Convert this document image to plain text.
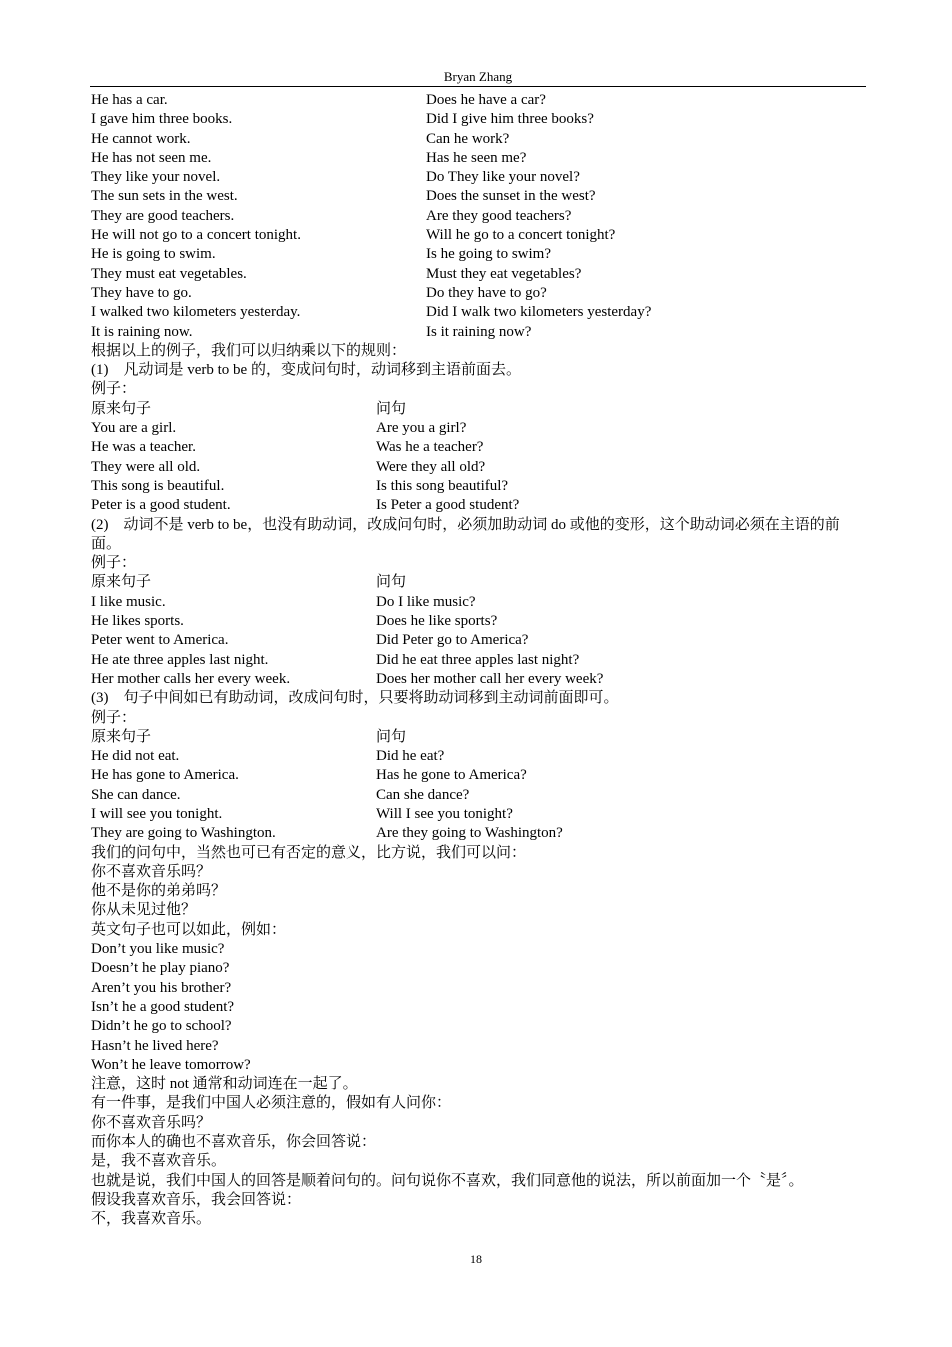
Bryan Zhang
He has a car.	Does he have a car?
I gave him three books.	Did I give him three books?
He cannot work.	Can he work?
He has not seen me.	Has he seen me?
They like your novel.	Do They like your novel?
The sun sets in the west.	Does the sunset in the west?
They are good teachers.	Are they good teachers?
He will not go to a concert tonight.	Will he go to a concert tonight?
He is going to swim.	Is he going to swim?
They must eat vegetables.	Must they eat vegetables?
They have to go.	Do they have to go?
I walked two kilometers yesterday.	Did I walk two kilometers yesterday?
It is raining now.	Is it raining now?
根据以上的例子，我们可以归纳乘以下的规则：
(1)　凡动词是 verb to be 的，变成问句时，动词移到主语前面去。
例子：
原来句子	问句
You are a girl.	Are you a girl?
He was a teacher.	Was he a teacher?
They were all old.	Were they all old?
This song is beautiful.	Is this song beautiful?
Peter is a good student.	Is Peter a good student?
(2)　动词不是 verb to be，也没有助动词，改成问句时，必须加助动词 do 或他的变形，这个助动词必须在主语的前面。
例子：
原来句子	问句
I like music.	Do I like music?
He likes sports.	Does he like sports?
Peter went to America.	Did Peter go to America?
He ate three apples last night.	Did he eat three apples last night?
Her mother calls her every week.	Does her mother call her every week?
(3)　句子中间如已有助动词，改成问句时，只要将助动词移到主动词前面即可。
例子：
原来句子	问句
He did not eat.	Did he eat?
He has gone to America.	Has he gone to America?
She can dance.	Can she dance?
I will see you tonight.	Will I see you tonight?
They are going to Washington.	Are they going to Washington?
我们的问句中，当然也可已有否定的意义，比方说，我们可以问：
你不喜欢音乐吗？
他不是你的弟弟吗？
你从未见过他？
英文句子也可以如此，例如：
Don’t you like music?
Doesn’t he play piano?
Aren’t you his brother?
Isn’t he a good student?
Didn’t he go to school?
Hasn’t he lived here?
Won’t he leave tomorrow?
注意，这时 not 通常和动词连在一起了。
有一件事，是我们中国人必须注意的，假如有人问你：
你不喜欢音乐吗？
而你本人的确也不喜欢音乐，你会回答说：
是，我不喜欢音乐。
也就是说，我们中国人的回答是顺着问句的。问句说你不喜欢，我们同意他的说法，所以前面加一个〝是〞。
假设我喜欢音乐，我会回答说：
不，我喜欢音乐。
18
